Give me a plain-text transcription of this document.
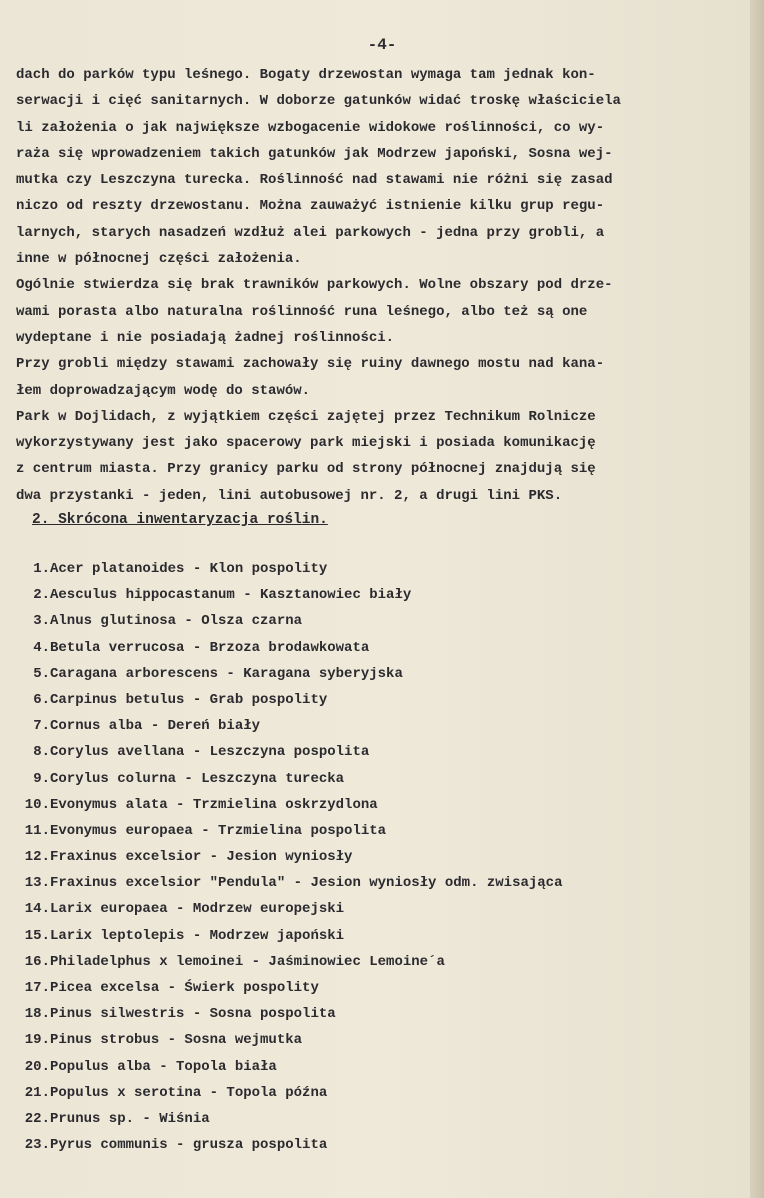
-4-
dach do parków typu leśnego. Bogaty drzewostan wymaga tam jednak kon-
serwacji i cięć sanitarnych. W doborze gatunków widać troskę właściciela
li założenia o jak największe wzbogacenie widokowe roślinności, co wy-
raża się wprowadzeniem takich gatunków jak Modrzew japoński, Sosna wej-
mutka czy Leszczyna turecka. Roślinność nad stawami nie różni się zasad
niczo od reszty drzewostanu. Można zauważyć istnienie kilku grup regu-
larnych, starych nasadzeń wzdłuż alei parkowych - jedna przy grobli, a
inne w północnej części założenia.
Ogólnie stwierdza się brak trawników parkowych. Wolne obszary pod drze-
wami porasta albo naturalna roślinność runa leśnego, albo też są one
wydeptane i nie posiadają żadnej roślinności.
Przy grobli między stawami zachowały się ruiny dawnego mostu nad kana-
łem doprowadzającym wodę do stawów.
Park w Dojlidach, z wyjątkiem części zajętej przez Technikum Rolnicze
wykorzystywany jest jako spacerowy park miejski i posiada komunikację
z centrum miasta. Przy granicy parku od strony północnej znajdują się
dwa przystanki - jeden, lini autobusowej nr. 2, a drugi lini PKS.
2. Skrócona inwentaryzacja roślin.
1.Acer platanoides - Klon pospolity
2.Aesculus hippocastanum - Kasztanowiec biały
3.Alnus glutinosa - Olsza czarna
4.Betula verrucosa - Brzoza brodawkowata
5.Caragana arborescens - Karagana syberyjska
6.Carpinus betulus - Grab pospolity
7.Cornus alba - Dereń biały
8.Corylus avellana - Leszczyna pospolita
9.Corylus colurna - Leszczyna turecka
10.Evonymus alata - Trzmielina oskrzydlona
11.Evonymus europaea - Trzmielina pospolita
12.Fraxinus excelsior - Jesion wyniosły
13.Fraxinus excelsior "Pendula" - Jesion wyniosły odm. zwisająca
14.Larix europaea - Modrzew europejski
15.Larix leptolepis - Modrzew japoński
16.Philadelphus x lemoinei - Jaśminowiec Lemoine´a
17.Picea excelsa - Świerk pospolity
18.Pinus silwestris - Sosna pospolita
19.Pinus strobus - Sosna wejmutka
20.Populus alba - Topola biała
21.Populus x serotina - Topola późna
22.Prunus sp. - Wiśnia
23.Pyrus communis - grusza pospolita
